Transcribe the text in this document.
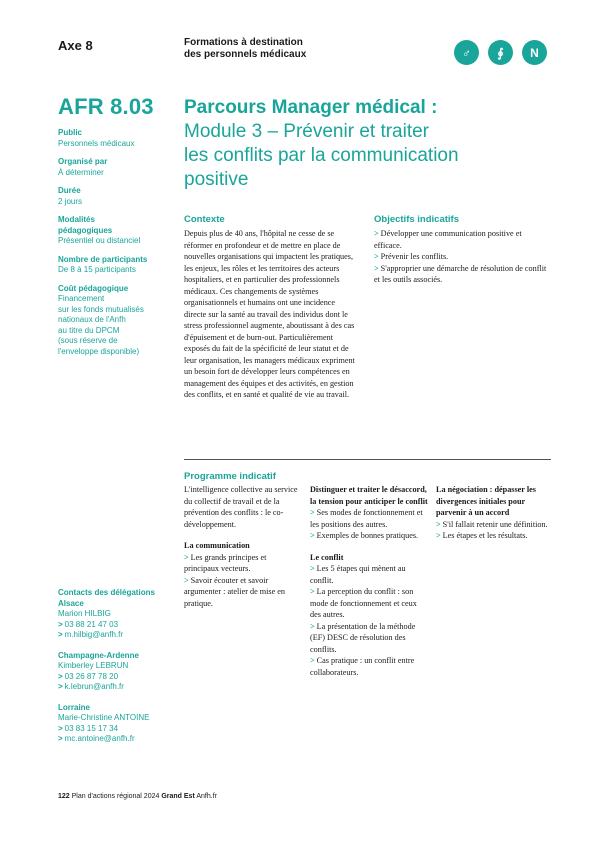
Axe 8	Formations à destination
des personnels médicaux	♂	∮	N
AFR 8.03 Parcours Manager médical :
Module 3 – Prévenir et traiter
les conflits par la communication
positive
Public
Personnels médicaux
Organisé par
À déterminer
Durée
2 jours
Modalités
pédagogiques
Présentiel ou distanciel
Nombre de participants
De 8 à 15 participants
Coût pédagogique
Financement
sur les fonds mutualisés
nationaux de l'Anfh
au titre du DPCM
(sous réserve de
l'enveloppe disponible)
Contexte
Depuis plus de 40 ans, l'hôpital ne cesse de se réformer en profondeur et de mettre en place de nouvelles organisations qui impactent les pratiques, les enjeux, les rôles et les territoires des acteurs hospitaliers, et en particulier des professionnels médicaux. Ces changements de systèmes organisationnels et humains ont une incidence directe sur la santé au travail des individus dont le stress professionnel augmente, aboutissant à des cas d'épuisement et de burn-out. Particulièrement exposés du fait de la spécificité de leur statut et de leur organisation, les managers médicaux expriment un besoin fort de développer leurs compétences en management des équipes et des activités, en gestion des conflits, et en santé et qualité de vie au travail.
Objectifs indicatifs
> Développer une communication positive et efficace.
> Prévenir les conflits.
> S'approprier une démarche de résolution de conflit et les outils associés.
Programme indicatif
L'intelligence collective au service du collectif de travail et de la prévention des conflits : le co-développement.
La communication
> Les grands principes et principaux vecteurs.
> Savoir écouter et savoir argumenter : atelier de mise en pratique.
Distinguer et traiter le désaccord, la tension pour anticiper le conflit
> Ses modes de fonctionnement et les positions des autres.
> Exemples de bonnes pratiques.
Le conflit
> Les 5 étapes qui mènent au conflit.
> La perception du conflit : son mode de fonctionnement et ceux des autres.
> La présentation de la méthode (EF) DESC de résolution des conflits.
> Cas pratique : un conflit entre collaborateurs.
La négociation : dépasser les divergences initiales pour parvenir à un accord
> S'il fallait retenir une définition.
> Les étapes et les résultats.
Contacts des délégations
Alsace
Marion HILBIG
> 03 88 21 47 03
> m.hilbig@anfh.fr
Champagne-Ardenne
Kimberley LEBRUN
> 03 26 87 78 20
> k.lebrun@anfh.fr
Lorraine
Marie-Christine ANTOINE
> 03 83 15 17 34
> mc.antoine@anfh.fr
122 Plan d'actions régional 2024 Grand Est Anfh.fr
